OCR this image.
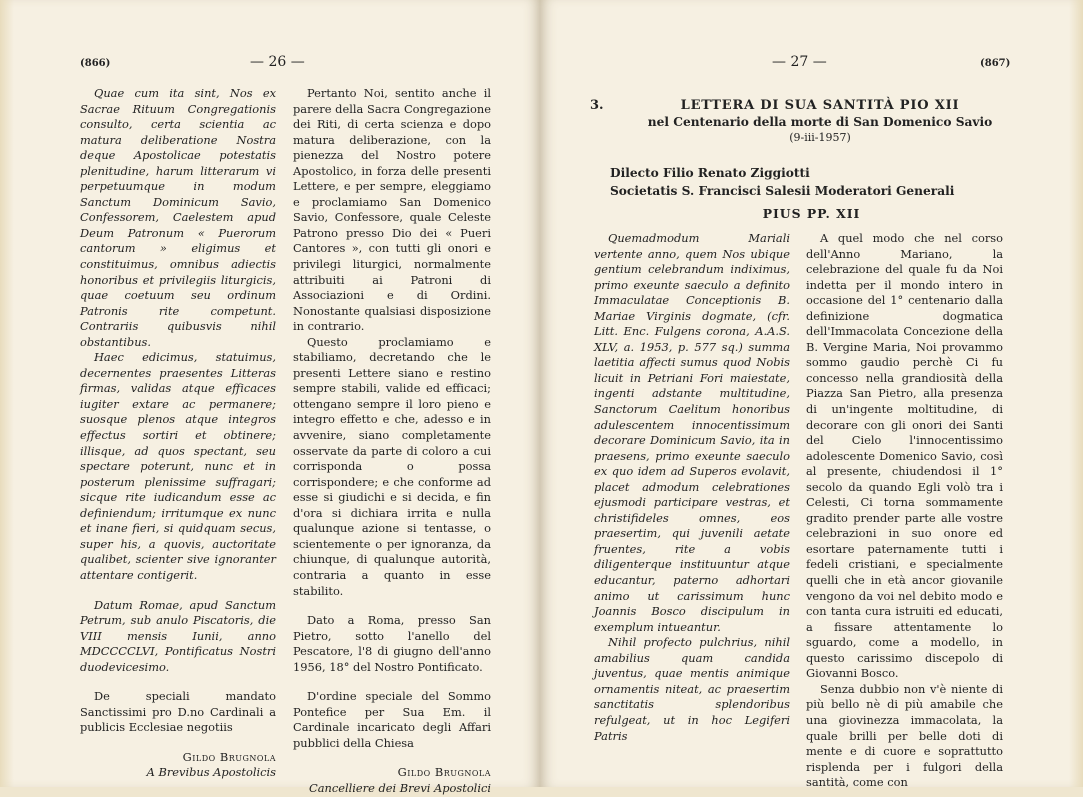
(866)	— 26 —

Quae cum ita sint, Nos ex Sacrae Rituum Congregationis consulto, certa scientia ac matura deliberatione Nostra deque Apostolicae potestatis plenitudine, harum litterarum vi perpetuumque in modum Sanctum Dominicum Savio, Confessorem, Caelestem apud Deum Patronum « Puerorum cantorum » eligimus et constituimus, omnibus adiectis honoribus et privilegiis liturgicis, quae coetuum seu ordinum Patronis rite competunt. Contrariis quibusvis nihil obstantibus.

Haec edicimus, statuimus, decernentes praesentes Litteras firmas, validas atque efficaces iugiter extare ac permanere; suosque plenos atque integros effectus sortiri et obtinere; illisque, ad quos spectant, seu spectare poterunt, nunc et in posterum plenissime suffragari; sicque rite iudicandum esse ac definiendum; irritumque ex nunc et inane fieri, si quidquam secus, super his, a quovis, auctoritate qualibet, scienter sive ignoranter attentare contigerit.

Datum Romae, apud Sanctum Petrum, sub anulo Piscatoris, die VIII mensis Iunii, anno MDCCCCLVI, Pontificatus Nostri duodevicesimo.

De speciali mandato Sanctissimi pro D.no Cardinali a publicis Ecclesiae negotiis

Gildo Brugnola
A Brevibus Apostolicis

Pertanto Noi, sentito anche il parere della Sacra Congregazione dei Riti, di certa scienza e dopo matura deliberazione, con la pienezza del Nostro potere Apostolico, in forza delle presenti Lettere, e per sempre, eleggiamo e proclamiamo San Domenico Savio, Confessore, quale Celeste Patrono presso Dio dei « Pueri Cantores », con tutti gli onori e privilegi liturgici, normalmente attribuiti ai Patroni di Associazioni e di Ordini. Nonostante qualsiasi disposizione in contrario.

Questo proclamiamo e stabiliamo, decretando che le presenti Lettere siano e restino sempre stabili, valide ed efficaci; ottengano sempre il loro pieno e integro effetto e che, adesso e in avvenire, siano completamente osservate da parte di coloro a cui corrisponda o possa corrispondere; e che conforme ad esse si giudichi e si decida, e fin d'ora si dichiara irrita e nulla qualunque azione si tentasse, o scientemente o per ignoranza, da chiunque, di qualunque autorità, contraria a quanto in esse stabilito.

Dato a Roma, presso San Pietro, sotto l'anello del Pescatore, l'8 di giugno dell'anno 1956, 18° del Nostro Pontificato.

D'ordine speciale del Sommo Pontefice per Sua Em. il Cardinale incaricato degli Affari pubblici della Chiesa

Gildo Brugnola
Cancelliere dei Brevi Apostolici
— 27 —	(867)
3.	LETTERA DI SUA SANTITÀ PIO XII
nel Centenario della morte di San Domenico Savio
(9-iii-1957)
Dilecto Filio Renato Ziggiotti
Societatis S. Francisci Salesii Moderatori Generali
PIUS PP. XII

Quemadmodum Mariali vertente anno, quem Nos ubique gentium celebrandum indiximus, primo exeunte saeculo a definito Immaculatae Conceptionis B. Mariae Virginis dogmate, (cfr. Litt. Enc. Fulgens corona, A.A.S. XLV, a. 1953, p. 577 sq.) summa laetitia affecti sumus quod Nobis licuit in Petriani Fori maiestate, ingenti adstante multitudine, Sanctorum Caelitum honoribus adulescentem innocentissimum decorare Dominicum Savio, ita in praesens, primo exeunte saeculo ex quo idem ad Superos evolavit, placet admodum celebrationes ejusmodi participare vestras, et christifideles omnes, eos praesertim, qui juvenili aetate fruentes, rite a vobis diligenterque instituuntur atque educantur, paterno adhortari animo ut carissimum hunc Joannis Bosco discipulum in exemplum intueantur.

Nihil profecto pulchrius, nihil amabilius quam candida juventus, quae mentis animique ornamentis niteat, ac praesertim sanctitatis splendoribus refulgeat, ut in hoc Legiferi Patris

A quel modo che nel corso dell'Anno Mariano, la celebrazione del quale fu da Noi indetta per il mondo intero in occasione del 1° centenario dalla definizione dogmatica dell'Immacolata Concezione della B. Vergine Maria, Noi provammo sommo gaudio perchè Ci fu concesso nella grandiosità della Piazza San Pietro, alla presenza di un'ingente moltitudine, di decorare con gli onori dei Santi del Cielo l'innocentissimo adolescente Domenico Savio, così al presente, chiudendosi il 1° secolo da quando Egli volò tra i Celesti, Ci torna sommamente gradito prender parte alle vostre celebrazioni in suo onore ed esortare paternamente tutti i fedeli cristiani, e specialmente quelli che in età ancor giovanile vengono da voi nel debito modo e con tanta cura istruiti ed educati, a fissare attentamente lo sguardo, come a modello, in questo carissimo discepolo di Giovanni Bosco.

Senza dubbio non v'è niente di più bello nè di più amabile che una giovinezza immacolata, la quale brilli per belle doti di mente e di cuore e soprattutto risplenda per i fulgori della santità, come con
